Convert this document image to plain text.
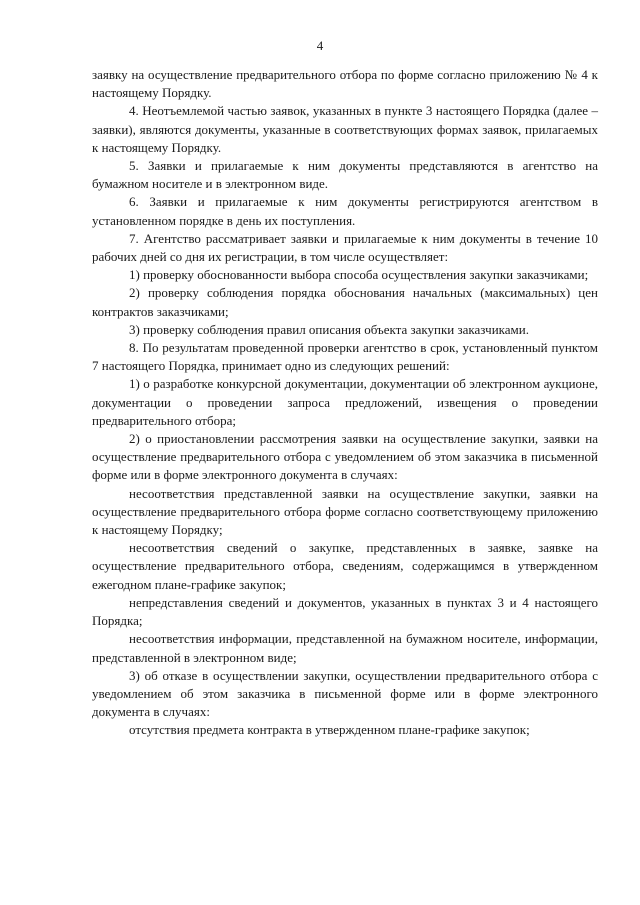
4

заявку на осуществление предварительного отбора по форме согласно приложению № 4 к настоящему Порядку.

4. Неотъемлемой частью заявок, указанных в пункте 3 настоящего Порядка (далее – заявки), являются документы, указанные в соответствующих формах заявок, прилагаемых к настоящему Порядку.

5. Заявки и прилагаемые к ним документы представляются в агентство на бумажном носителе и в электронном виде.

6. Заявки и прилагаемые к ним документы регистрируются агентством в установленном порядке в день их поступления.

7. Агентство рассматривает заявки и прилагаемые к ним документы в течение 10 рабочих дней со дня их регистрации, в том числе осуществляет:

1) проверку обоснованности выбора способа осуществления закупки заказчиками;

2) проверку соблюдения порядка обоснования начальных (максимальных) цен контрактов заказчиками;

3) проверку соблюдения правил описания объекта закупки заказчиками.

8. По результатам проведенной проверки агентство в срок, установленный пунктом 7 настоящего Порядка, принимает одно из следующих решений:

1) о разработке конкурсной документации, документации об электронном аукционе, документации о проведении запроса предложений, извещения о проведении предварительного отбора;

2) о приостановлении рассмотрения заявки на осуществление закупки, заявки на осуществление предварительного отбора с уведомлением об этом заказчика в письменной форме или в форме электронного документа в случаях:

несоответствия представленной заявки на осуществление закупки, заявки на осуществление предварительного отбора форме согласно соответствующему приложению к настоящему Порядку;

несоответствия сведений о закупке, представленных в заявке, заявке на осуществление предварительного отбора, сведениям, содержащимся в утвержденном ежегодном плане-графике закупок;

непредставления сведений и документов, указанных в пунктах 3 и 4 настоящего Порядка;

несоответствия информации, представленной на бумажном носителе, информации, представленной в электронном виде;

3) об отказе в осуществлении закупки, осуществлении предварительного отбора с уведомлением об этом заказчика в письменной форме или в форме электронного документа в случаях:

отсутствия предмета контракта в утвержденном плане-графике закупок;
